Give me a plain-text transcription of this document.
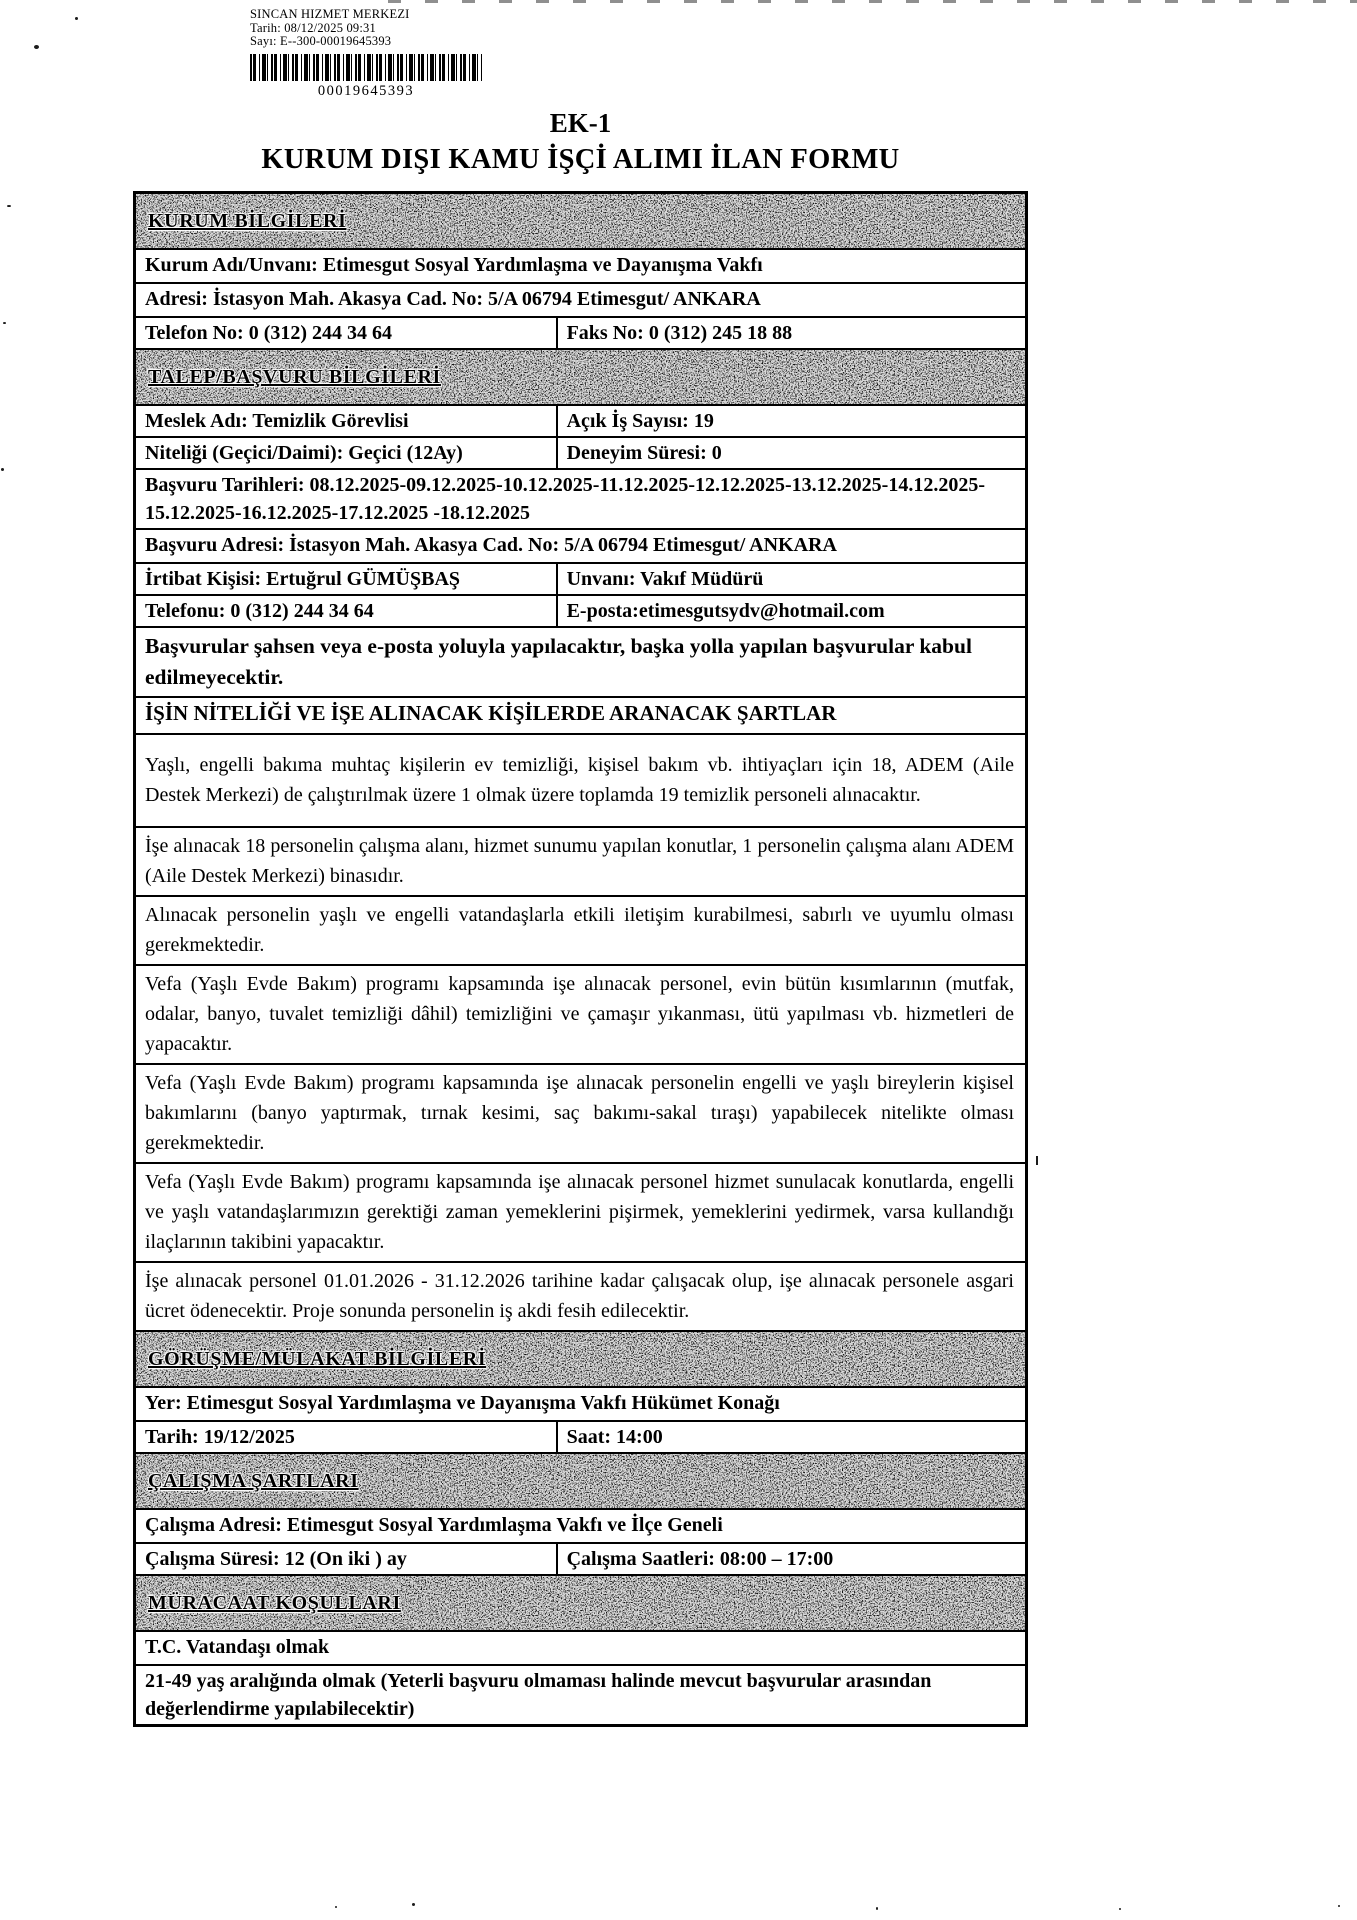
SINCAN HIZMET MERKEZI
Tarih: 08/12/2025 09:31
Sayı: E--300-00019645393
00019645393
EK-1
KURUM DIŞI KAMU İŞÇİ ALIMI İLAN FORMU
KURUM BİLGİLERİ
Kurum Adı/Unvanı: Etimesgut Sosyal Yardımlaşma ve Dayanışma Vakfı
Adresi: İstasyon Mah. Akasya Cad. No: 5/A 06794 Etimesgut/ ANKARA
Telefon No: 0 (312) 244 34 64	Faks No: 0 (312) 245 18 88
TALEP/BAŞVURU BİLGİLERİ
Meslek Adı: Temizlik Görevlisi	Açık İş Sayısı: 19
Niteliği (Geçici/Daimi): Geçici (12Ay)	Deneyim Süresi: 0
Başvuru Tarihleri: 08.12.2025-09.12.2025-10.12.2025-11.12.2025-12.12.2025-13.12.2025-14.12.2025-15.12.2025-16.12.2025-17.12.2025 -18.12.2025
Başvuru Adresi: İstasyon Mah. Akasya Cad. No: 5/A 06794 Etimesgut/ ANKARA
İrtibat Kişisi: Ertuğrul GÜMÜŞBAŞ	Unvanı: Vakıf Müdürü
Telefonu: 0 (312) 244 34 64	E-posta:etimesgutsydv@hotmail.com
Başvurular şahsen veya e-posta yoluyla yapılacaktır, başka yolla yapılan başvurular kabul edilmeyecektir.
İŞİN NİTELİĞİ VE İŞE ALINACAK KİŞİLERDE ARANACAK ŞARTLAR
Yaşlı, engelli bakıma muhtaç kişilerin ev temizliği, kişisel bakım vb. ihtiyaçları için 18, ADEM (Aile Destek Merkezi) de çalıştırılmak üzere 1 olmak üzere toplamda 19 temizlik personeli alınacaktır.
İşe alınacak 18 personelin çalışma alanı, hizmet sunumu yapılan konutlar, 1 personelin çalışma alanı ADEM (Aile Destek Merkezi) binasıdır.
Alınacak personelin yaşlı ve engelli vatandaşlarla etkili iletişim kurabilmesi, sabırlı ve uyumlu olması gerekmektedir.
Vefa (Yaşlı Evde Bakım) programı kapsamında işe alınacak personel, evin bütün kısımlarının (mutfak, odalar, banyo, tuvalet temizliği dâhil) temizliğini ve çamaşır yıkanması, ütü yapılması vb. hizmetleri de yapacaktır.
Vefa (Yaşlı Evde Bakım) programı kapsamında işe alınacak personelin engelli ve yaşlı bireylerin kişisel bakımlarını (banyo yaptırmak, tırnak kesimi, saç bakımı-sakal tıraşı) yapabilecek nitelikte olması gerekmektedir.
Vefa (Yaşlı Evde Bakım) programı kapsamında işe alınacak personel hizmet sunulacak konutlarda, engelli ve yaşlı vatandaşlarımızın gerektiği zaman yemeklerini pişirmek, yemeklerini yedirmek, varsa kullandığı ilaçlarının takibini yapacaktır.
İşe alınacak personel 01.01.2026 - 31.12.2026 tarihine kadar çalışacak olup, işe alınacak personele asgari ücret ödenecektir. Proje sonunda personelin iş akdi fesih edilecektir.
GÖRÜŞME/MÜLAKAT BİLGİLERİ
Yer: Etimesgut Sosyal Yardımlaşma ve Dayanışma Vakfı Hükümet Konağı
Tarih: 19/12/2025	Saat: 14:00
ÇALIŞMA ŞARTLARI
Çalışma Adresi: Etimesgut Sosyal Yardımlaşma Vakfı ve İlçe Geneli
Çalışma Süresi: 12 (On iki ) ay	Çalışma Saatleri: 08:00 – 17:00
MÜRACAAT KOŞULLARI
T.C. Vatandaşı olmak
21-49 yaş aralığında olmak (Yeterli başvuru olmaması halinde mevcut başvurular arasından değerlendirme yapılabilecektir)
